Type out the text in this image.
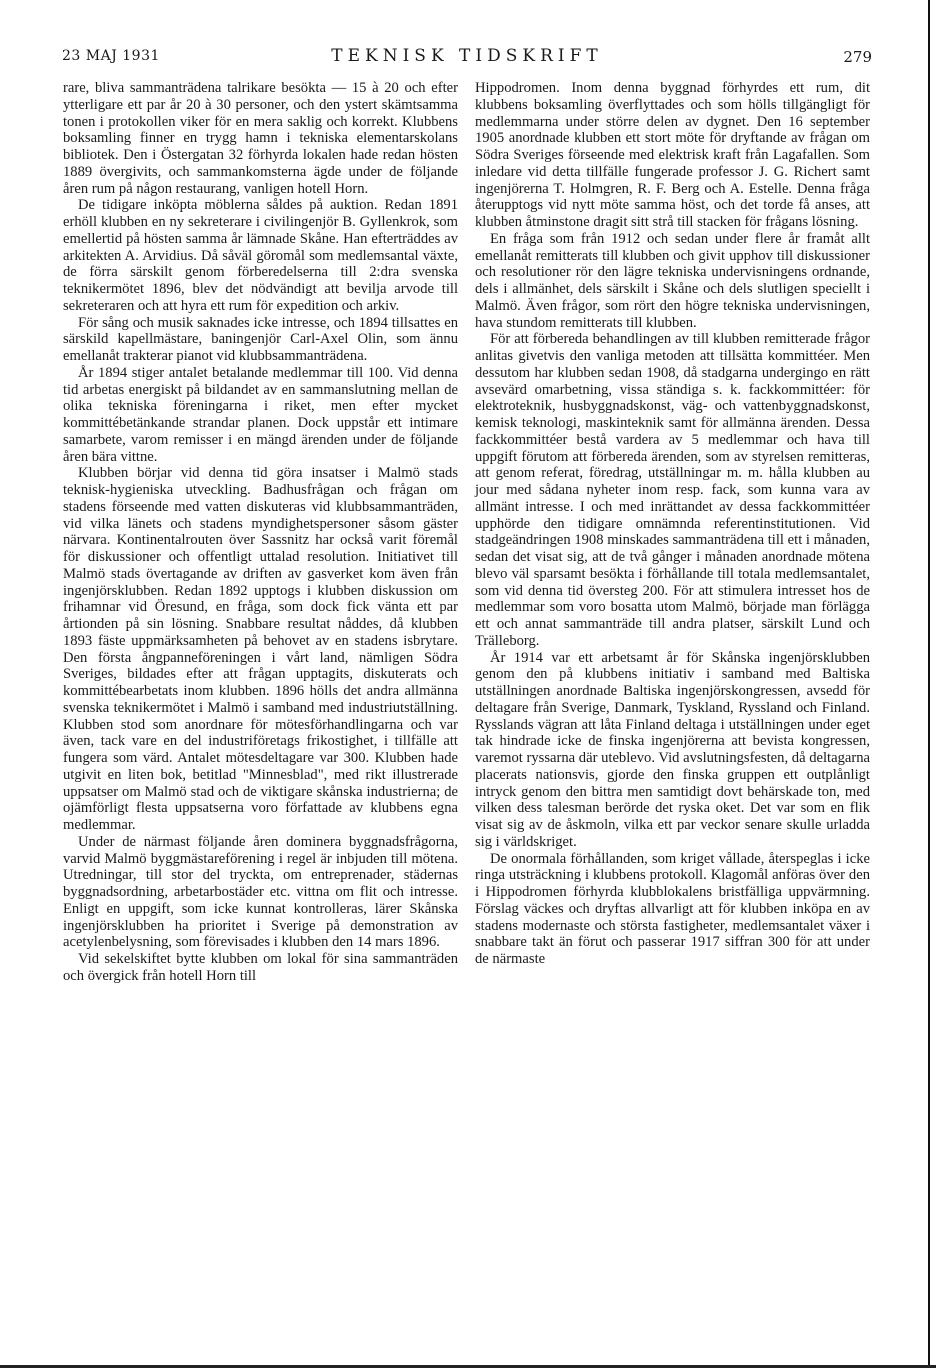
23 MAJ 1931	TEKNISK TIDSKRIFT	279

rare, bliva sammanträdena talrikare besökta — 15 à 20 och efter ytterligare ett par år 20 à 30 personer, och den ystert skämtsamma tonen i protokollen viker för en mera saklig och korrekt. Klubbens boksamling finner en trygg hamn i tekniska elementarskolans bibliotek. Den i Östergatan 32 förhyrda lokalen hade redan hösten 1889 övergivits, och sammankomsterna ägde under de följande åren rum på någon restaurang, vanligen hotell Horn.

De tidigare inköpta möblerna såldes på auktion. Redan 1891 erhöll klubben en ny sekreterare i civilingenjör B. Gyllenkrok, som emellertid på hösten samma år lämnade Skåne. Han efterträddes av arkitekten A. Arvidius. Då såväl göromål som medlemsantal växte, de förra särskilt genom förberedelserna till 2:dra svenska teknikermötet 1896, blev det nödvändigt att bevilja arvode till sekreteraren och att hyra ett rum för expedition och arkiv.

För sång och musik saknades icke intresse, och 1894 tillsattes en särskild kapellmästare, baningenjör Carl-Axel Olin, som ännu emellanåt trakterar pianot vid klubbsammanträdena.

År 1894 stiger antalet betalande medlemmar till 100. Vid denna tid arbetas energiskt på bildandet av en sammanslutning mellan de olika tekniska föreningarna i riket, men efter mycket kommittébetänkande strandar planen. Dock uppstår ett intimare samarbete, varom remisser i en mängd ärenden under de följande åren bära vittne.

Klubben börjar vid denna tid göra insatser i Malmö stads teknisk-hygieniska utveckling. Badhusfrågan och frågan om stadens förseende med vatten diskuteras vid klubbsammanträden, vid vilka länets och stadens myndighetspersoner såsom gäster närvara. Kontinentalrouten över Sassnitz har också varit föremål för diskussioner och offentligt uttalad resolution. Initiativet till Malmö stads övertagande av driften av gasverket kom även från ingenjörsklubben. Redan 1892 upptogs i klubben diskussion om frihamnar vid Öresund, en fråga, som dock fick vänta ett par årtionden på sin lösning. Snabbare resultat nåddes, då klubben 1893 fäste uppmärksamheten på behovet av en stadens isbrytare. Den första ångpanneföreningen i vårt land, nämligen Södra Sveriges, bildades efter att frågan upptagits, diskuterats och kommittébearbetats inom klubben. 1896 hölls det andra allmänna svenska teknikermötet i Malmö i samband med industriutställning. Klubben stod som anordnare för mötesförhandlingarna och var även, tack vare en del industriföretags frikostighet, i tillfälle att fungera som värd. Antalet mötesdeltagare var 300. Klubben hade utgivit en liten bok, betitlad "Minnesblad", med rikt illustrerade uppsatser om Malmö stad och de viktigare skånska industrierna; de ojämförligt flesta uppsatserna voro författade av klubbens egna medlemmar.

Under de närmast följande åren dominera byggnadsfrågorna, varvid Malmö byggmästareförening i regel är inbjuden till mötena. Utredningar, till stor del tryckta, om entreprenader, städernas byggnadsordning, arbetarbostäder etc. vittna om flit och intresse. Enligt en uppgift, som icke kunnat kontrolleras, lärer Skånska ingenjörsklubben ha prioritet i Sverige på demonstration av acetylenbelysning, som förevisades i klubben den 14 mars 1896.

Vid sekelskiftet bytte klubben om lokal för sina sammanträden och övergick från hotell Horn till

Hippodromen. Inom denna byggnad förhyrdes ett rum, dit klubbens boksamling överflyttades och som hölls tillgängligt för medlemmarna under större delen av dygnet. Den 16 september 1905 anordnade klubben ett stort möte för dryftande av frågan om Södra Sveriges förseende med elektrisk kraft från Lagafallen. Som inledare vid detta tillfälle fungerade professor J. G. Richert samt ingenjörerna T. Holmgren, R. F. Berg och A. Estelle. Denna fråga återupptogs vid nytt möte samma höst, och det torde få anses, att klubben åtminstone dragit sitt strå till stacken för frågans lösning.

En fråga som från 1912 och sedan under flere år framåt allt emellanåt remitterats till klubben och givit upphov till diskussioner och resolutioner rör den lägre tekniska undervisningens ordnande, dels i allmänhet, dels särskilt i Skåne och dels slutligen speciellt i Malmö. Även frågor, som rört den högre tekniska undervisningen, hava stundom remitterats till klubben.

För att förbereda behandlingen av till klubben remitterade frågor anlitas givetvis den vanliga metoden att tillsätta kommittéer. Men dessutom har klubben sedan 1908, då stadgarna undergingo en rätt avsevärd omarbetning, vissa ständiga s. k. fackkommittéer: för elektroteknik, husbyggnadskonst, väg- och vattenbyggnadskonst, kemisk teknologi, maskinteknik samt för allmänna ärenden. Dessa fackkommittéer bestå vardera av 5 medlemmar och hava till uppgift förutom att förbereda ärenden, som av styrelsen remitteras, att genom referat, föredrag, utställningar m. m. hålla klubben au jour med sådana nyheter inom resp. fack, som kunna vara av allmänt intresse. I och med inrättandet av dessa fackkommittéer upphörde den tidigare omnämnda referentinstitutionen. Vid stadgeändringen 1908 minskades sammanträdena till ett i månaden, sedan det visat sig, att de två gånger i månaden anordnade mötena blevo väl sparsamt besökta i förhållande till totala medlemsantalet, som vid denna tid översteg 200. För att stimulera intresset hos de medlemmar som voro bosatta utom Malmö, började man förlägga ett och annat sammanträde till andra platser, särskilt Lund och Trälleborg.

År 1914 var ett arbetsamt år för Skånska ingenjörsklubben genom den på klubbens initiativ i samband med Baltiska utställningen anordnade Baltiska ingenjörskongressen, avsedd för deltagare från Sverige, Danmark, Tyskland, Ryssland och Finland. Rysslands vägran att låta Finland deltaga i utställningen under eget tak hindrade icke de finska ingenjörerna att bevista kongressen, varemot ryssarna där uteblevo. Vid avslutningsfesten, då deltagarna placerats nationsvis, gjorde den finska gruppen ett outplånligt intryck genom den bittra men samtidigt dovt behärskade ton, med vilken dess talesman berörde det ryska oket. Det var som en flik visat sig av de åskmoln, vilka ett par veckor senare skulle urladda sig i världskriget.

De onormala förhållanden, som kriget vållade, återspeglas i icke ringa utsträckning i klubbens protokoll. Klagomål anföras över den i Hippodromen förhyrda klubblokalens bristfälliga uppvärmning. Förslag väckes och dryftas allvarligt att för klubben inköpa en av stadens modernaste och största fastigheter, medlemsantalet växer i snabbare takt än förut och passerar 1917 siffran 300 för att under de närmaste
